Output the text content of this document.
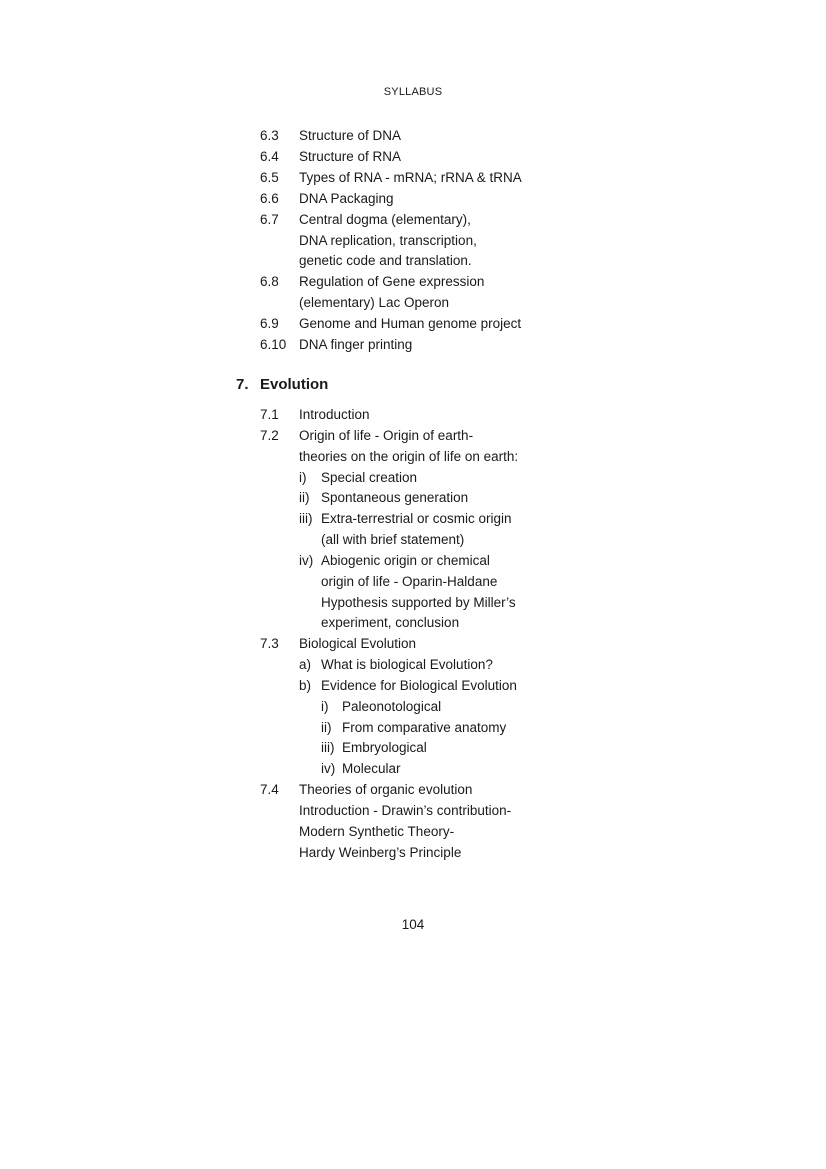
SYLLABUS
6.3 Structure of DNA
6.4 Structure of RNA
6.5 Types of RNA - mRNA; rRNA & tRNA
6.6 DNA Packaging
6.7 Central dogma (elementary),
DNA replication, transcription,
genetic code and translation.
6.8 Regulation of Gene expression
(elementary) Lac Operon
6.9 Genome and Human genome project
6.10 DNA finger printing
7. Evolution
7.1 Introduction
7.2 Origin of life - Origin of earth-
theories on the origin of life on earth:
i) Special creation
ii) Spontaneous generation
iii) Extra-terrestrial or cosmic origin
(all with brief statement)
iv) Abiogenic origin or chemical
origin of life - Oparin-Haldane
Hypothesis supported by Miller’s
experiment, conclusion
7.3 Biological Evolution
a) What is biological Evolution?
b) Evidence for Biological Evolution
i) Paleonotological
ii) From comparative anatomy
iii) Embryological
iv) Molecular
7.4 Theories of organic evolution
Introduction - Drawin’s contribution-
Modern Synthetic Theory-
Hardy Weinberg’s Principle
104
